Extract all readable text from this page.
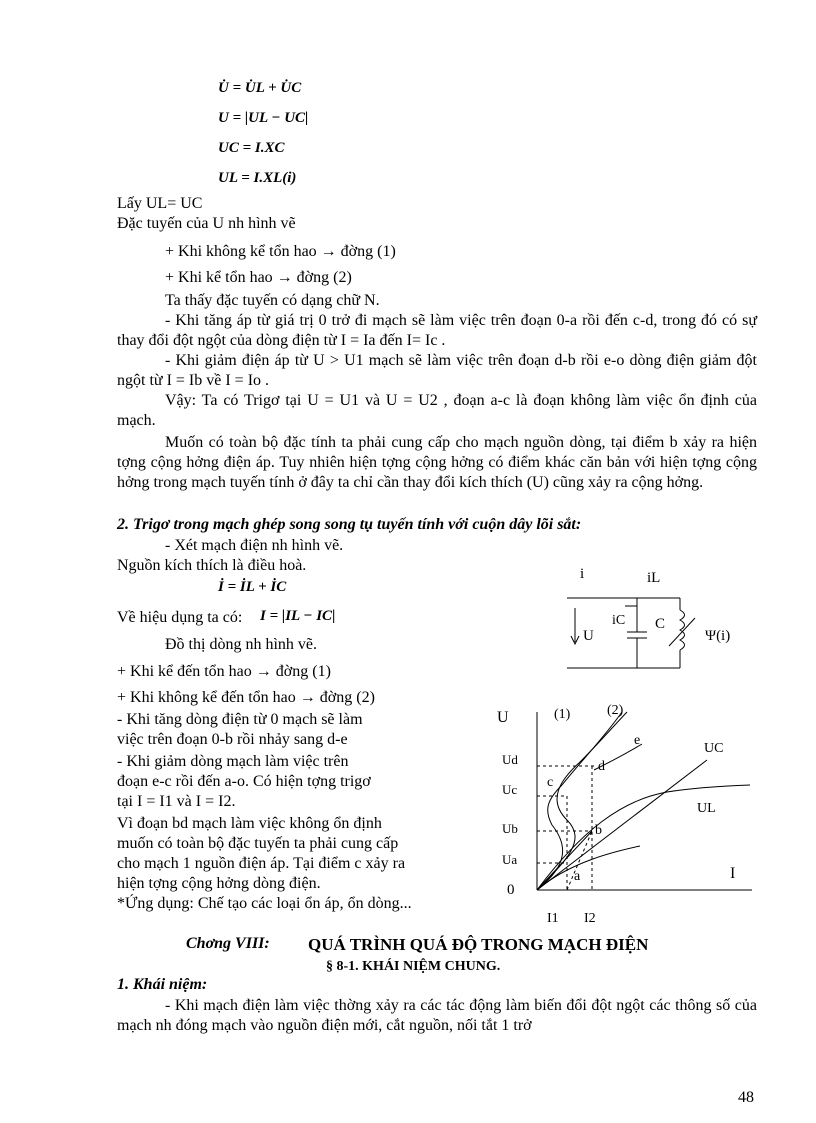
U̇ = U̇L + U̇C
U = |UL − UC|
UC = I.XC
UL = I.XL(i)
Lấy UL= UC
Đặc tuyến của U nh hình vẽ
+ Khi không kể tổn hao → đờng (1)
+ Khi kể tổn hao → đờng (2)
Ta thấy đặc tuyến có dạng chữ N.
- Khi tăng áp từ giá trị 0 trở đi mạch sẽ làm việc trên đoạn 0-a rồi đến c-d, trong đó có sự thay đổi đột ngột của dòng điện từ I = Ia đến I= Ic .
- Khi giảm điện áp từ U > U1 mạch sẽ làm việc trên đoạn d-b rồi e-o dòng điện giảm đột ngột từ I = Ib về I = Io .
Vậy: Ta có Trigơ tại U = U1 và U = U2 , đoạn a-c là đoạn không làm việc ổn định của mạch.
Muốn có toàn bộ đặc tính ta phải cung cấp cho mạch nguồn dòng, tại điểm b xảy ra hiện tợng cộng hởng điện áp. Tuy nhiên hiện tợng cộng hởng có điểm khác căn bản với hiện tợng cộng hởng trong mạch tuyến tính ở đây ta chỉ cần thay đổi kích thích (U) cũng xảy ra cộng hởng.
2. Trigơ trong mạch ghép song song tụ tuyến tính với cuộn dây lõi sắt:
- Xét mạch điện nh hình vẽ.
Nguồn kích thích là điều hoà.
İ = İL + İC
Về hiệu dụng ta có: I = |IL − IC|
Đồ thị dòng nh hình vẽ.
+ Khi kể đến tổn hao → đờng (1)
+ Khi không kể đến tổn hao → đờng (2)
- Khi tăng dòng điện từ 0 mạch sẽ làm
việc trên đoạn 0-b rồi nhảy sang d-e
- Khi giảm dòng mạch làm việc trên
đoạn e-c rồi đến a-o. Có hiện tợng trigơ
tại I = I1 và I = I2.
Vì đoạn bd mạch làm việc không ổn định
muốn có toàn bộ đặc tuyến ta phải cung cấp
cho mạch 1 nguồn điện áp. Tại điểm c xảy ra
hiện tợng cộng hởng dòng điện.
*Ứng dụng: Chế tạo các loại ổn áp, ổn dòng...
Chơng VIII: QUÁ TRÌNH QUÁ ĐỘ TRONG MẠCH ĐIỆN
§ 8-1. KHÁI NIỆM CHUNG.
1. Khái niệm:
- Khi mạch điện làm việc thờng xảy ra các tác động làm biến đổi đột ngột các thông số của mạch nh đóng mạch vào nguồn điện mới, cắt nguồn, nối tắt 1 trở
48
i	iL
iC
U
C
Ψ(i)
U
I
0
(1)	(2)
Ud
Uc
Ub
Ua
UC
UL
a
b
c
d
e
I1 I2
